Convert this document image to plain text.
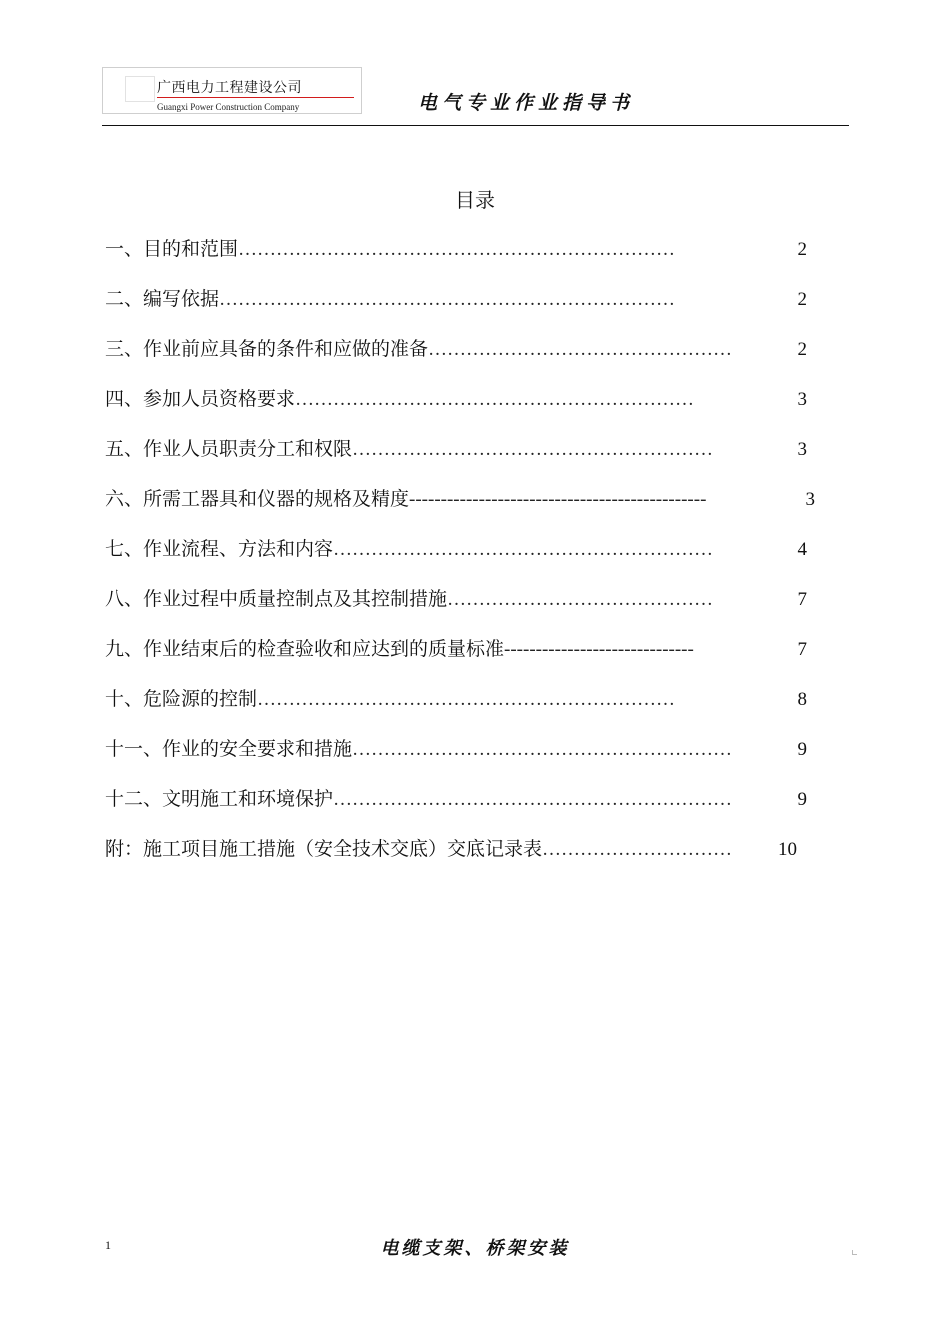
广西电力工程建设公司
Guangxi Power Construction Company	电气专业作业指导书
目录
一、目的和范围 ……………………………………………………………	2
二、编写依据 ………………………………………………………………	2
三、作业前应具备的条件和应做的准备 …………………………………………	2
四、参加人员资格要求 ………………………………………………………	3
五、作业人员职责分工和权限 …………………………………………………	3
六、所需工器具和仪器的规格及精度 -----------------------------------------------	3
七、作业流程、方法和内容 ……………………………………………………	4
八、作业过程中质量控制点及其控制措施 ……………………………………	7
九、作业结束后的检查验收和应达到的质量标准 ------------------------------	7
十、危险源的控制 …………………………………………………………	8
十一、作业的安全要求和措施 ……………………………………………………	9
十二、文明施工和环境保护 ………………………………………………………	9
附：施工项目施工措施（安全技术交底）交底记录表 …………………………	10
1	电缆支架、桥架安装
